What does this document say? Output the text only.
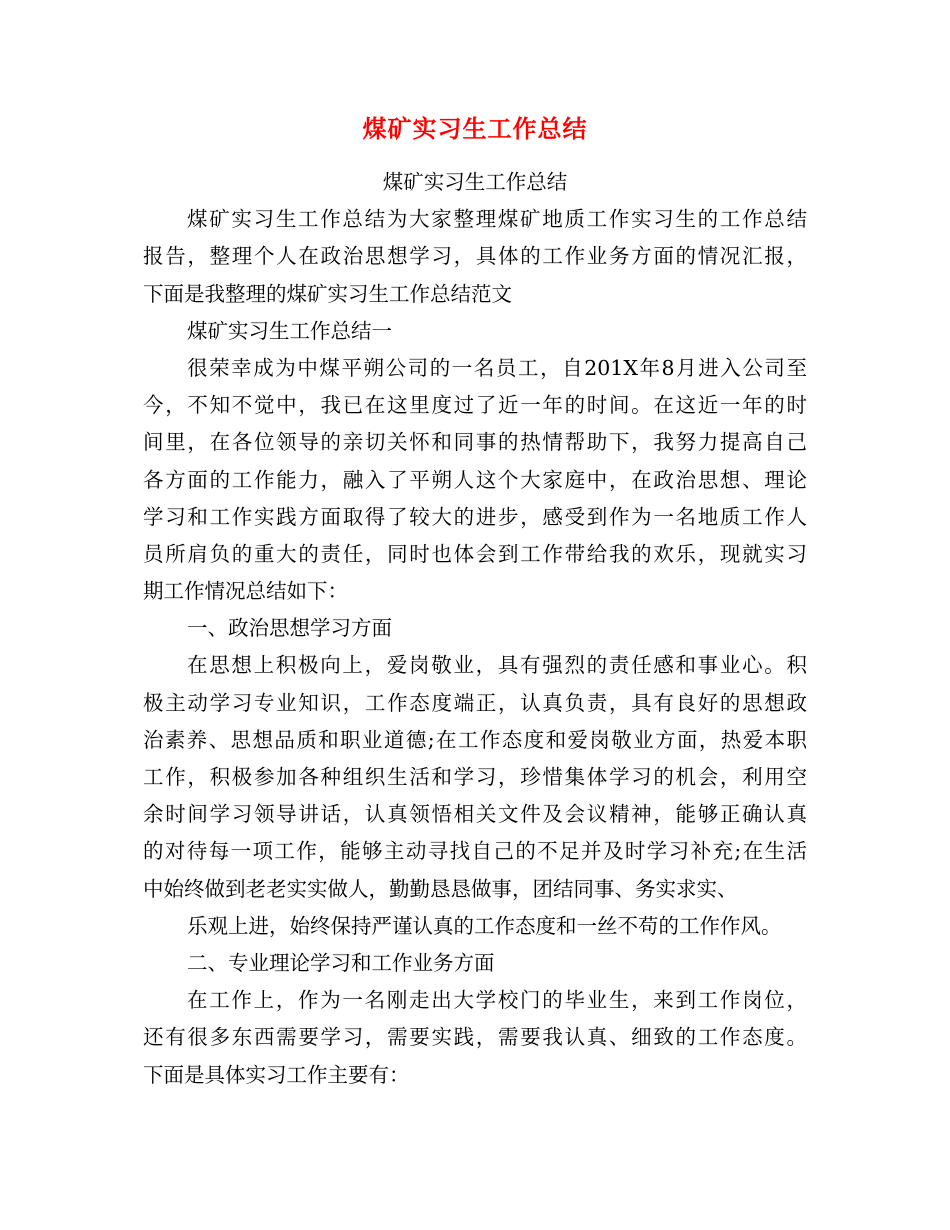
煤矿实习生工作总结
煤矿实习生工作总结
煤矿实习生工作总结为大家整理煤矿地质工作实习生的工作总结
报告，整理个人在政治思想学习，具体的工作业务方面的情况汇报，
下面是我整理的煤矿实习生工作总结范文
煤矿实习生工作总结一
很荣幸成为中煤平朔公司的一名员工，自201X年8月进入公司至
今，不知不觉中，我已在这里度过了近一年的时间。在这近一年的时
间里，在各位领导的亲切关怀和同事的热情帮助下，我努力提高自己
各方面的工作能力，融入了平朔人这个大家庭中，在政治思想、理论
学习和工作实践方面取得了较大的进步，感受到作为一名地质工作人
员所肩负的重大的责任，同时也体会到工作带给我的欢乐，现就实习
期工作情况总结如下：
一、政治思想学习方面
在思想上积极向上，爱岗敬业，具有强烈的责任感和事业心。积
极主动学习专业知识，工作态度端正，认真负责，具有良好的思想政
治素养、思想品质和职业道德;在工作态度和爱岗敬业方面，热爱本职
工作，积极参加各种组织生活和学习，珍惜集体学习的机会，利用空
余时间学习领导讲话，认真领悟相关文件及会议精神，能够正确认真
的对待每一项工作，能够主动寻找自己的不足并及时学习补充;在生活
中始终做到老老实实做人，勤勤恳恳做事，团结同事、务实求实、
乐观上进，始终保持严谨认真的工作态度和一丝不苟的工作作风。
二、专业理论学习和工作业务方面
在工作上，作为一名刚走出大学校门的毕业生，来到工作岗位，
还有很多东西需要学习，需要实践，需要我认真、细致的工作态度。
下面是具体实习工作主要有：
